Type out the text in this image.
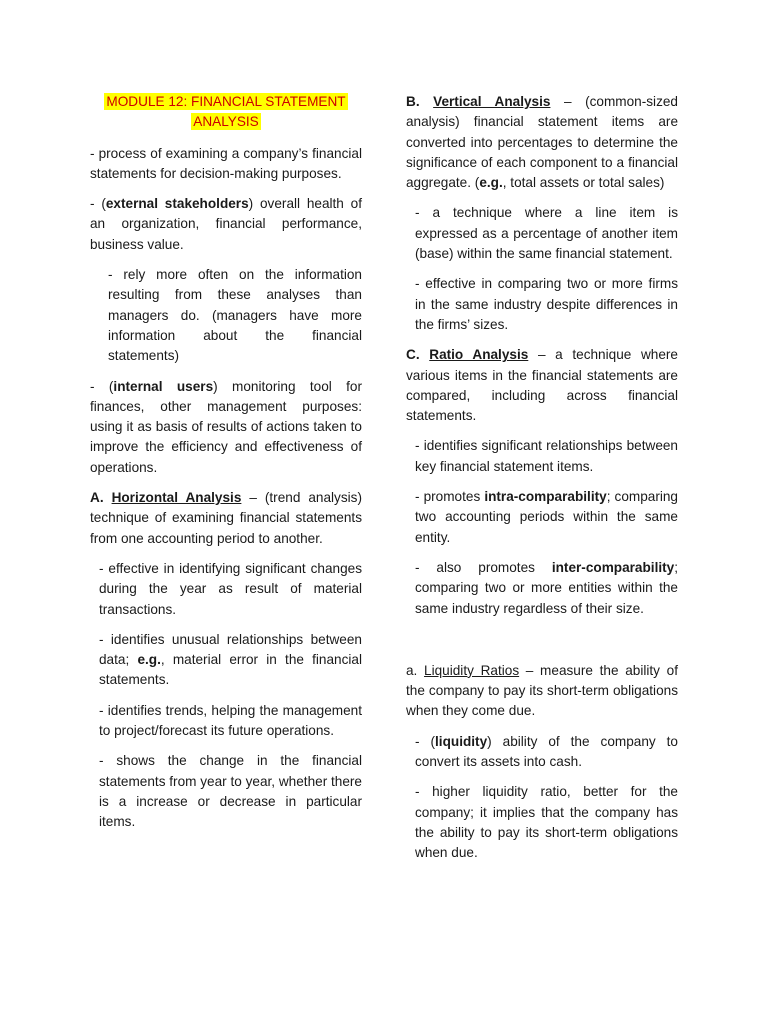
MODULE 12: FINANCIAL STATEMENT
ANALYSIS

- process of examining a company’s financial statements for decision-making purposes.

- (external stakeholders) overall health of an organization, financial performance, business value.

- rely more often on the information resulting from these analyses than managers do. (managers have more information about the financial statements)

- (internal users) monitoring tool for finances, other management purposes: using it as basis of results of actions taken to improve the efficiency and effectiveness of operations.

A. Horizontal Analysis – (trend analysis) technique of examining financial statements from one accounting period to another.

- effective in identifying significant changes during the year as result of material transactions.

- identifies unusual relationships between data; e.g., material error in the financial statements.

- identifies trends, helping the management to project/forecast its future operations.

- shows the change in the financial statements from year to year, whether there is a increase or decrease in particular items.

B. Vertical Analysis – (common-sized analysis) financial statement items are converted into percentages to determine the significance of each component to a financial aggregate. (e.g., total assets or total sales)

- a technique where a line item is expressed as a percentage of another item (base) within the same financial statement.

- effective in comparing two or more firms in the same industry despite differences in the firms’ sizes.

C. Ratio Analysis – a technique where various items in the financial statements are compared, including across financial statements.

- identifies significant relationships between key financial statement items.

- promotes intra-comparability; comparing two accounting periods within the same entity.

- also promotes inter-comparability; comparing two or more entities within the same industry regardless of their size.

a. Liquidity Ratios – measure the ability of the company to pay its short-term obligations when they come due.

- (liquidity) ability of the company to convert its assets into cash.

- higher liquidity ratio, better for the company; it implies that the company has the ability to pay its short-term obligations when due.
